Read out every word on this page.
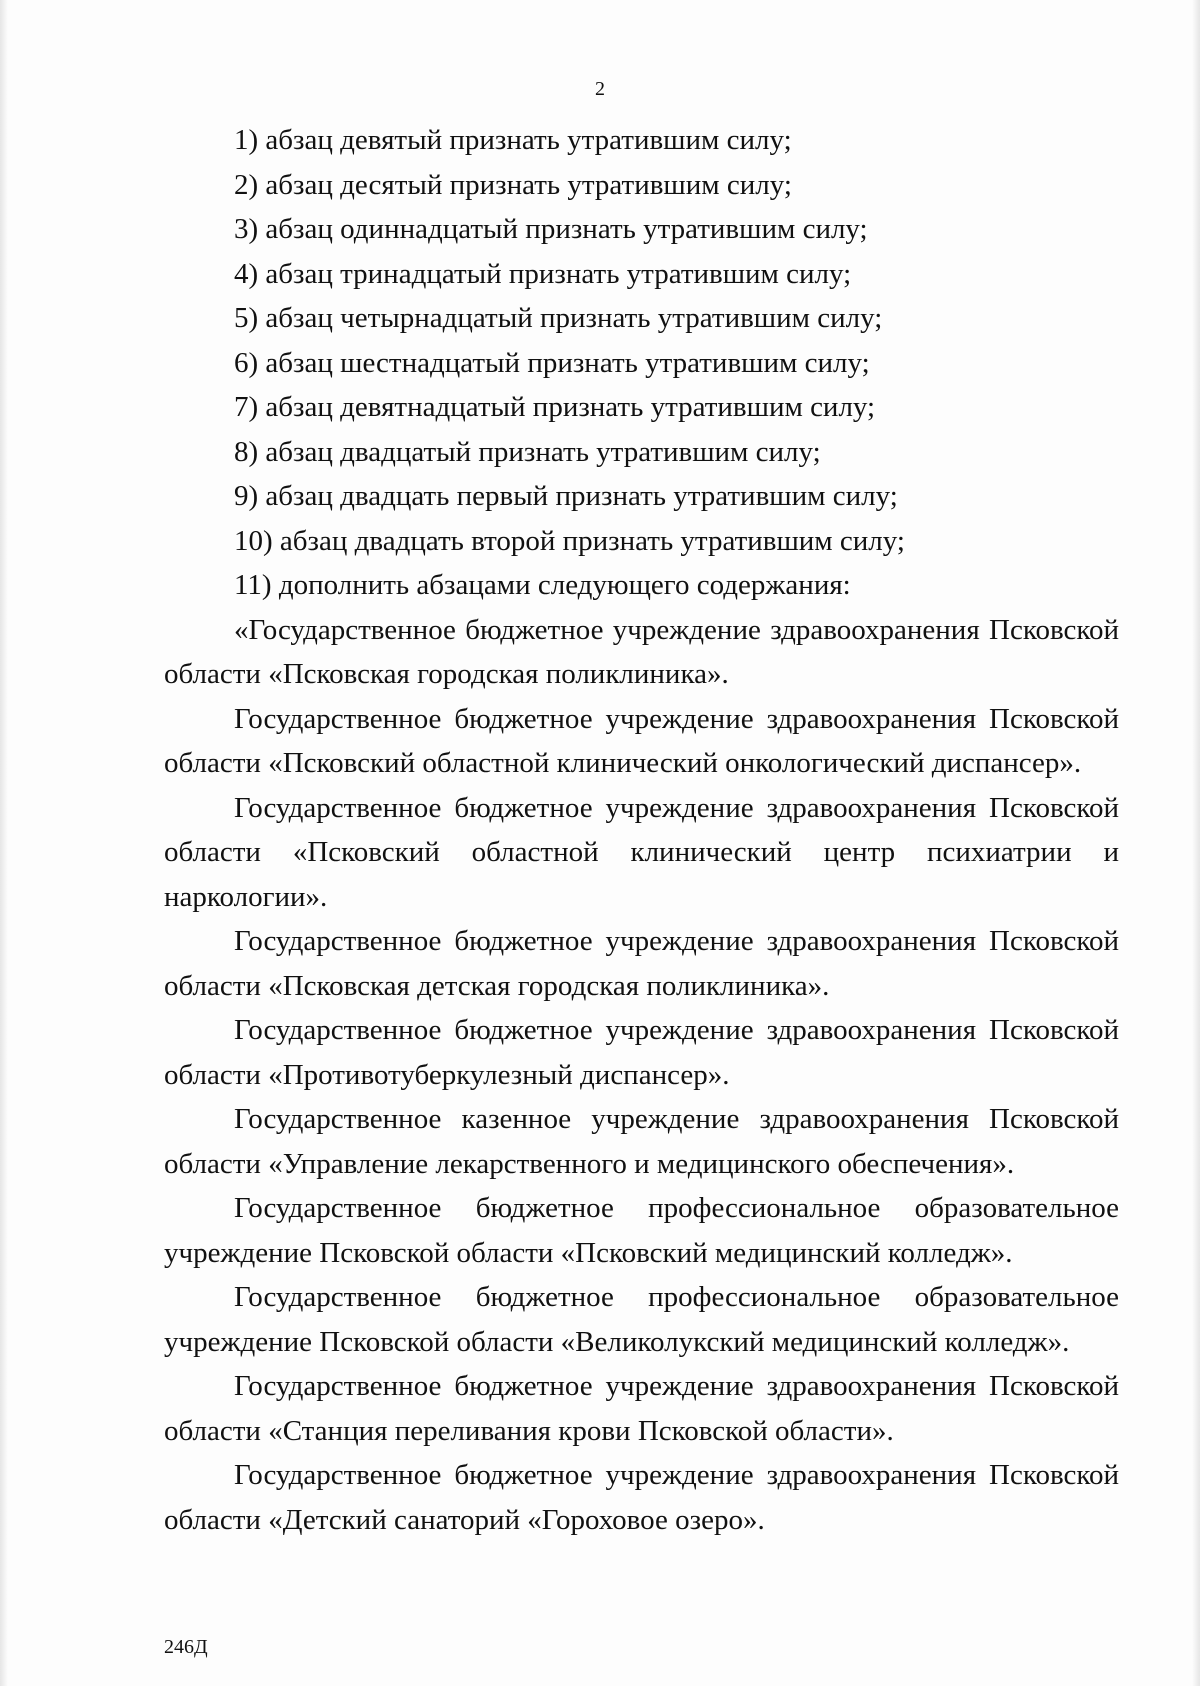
2

1) абзац девятый признать утратившим силу;

2) абзац десятый признать утратившим силу;

3) абзац одиннадцатый признать утратившим силу;

4) абзац тринадцатый признать утратившим силу;

5) абзац четырнадцатый признать утратившим силу;

6) абзац шестнадцатый признать утратившим силу;

7) абзац девятнадцатый признать утратившим силу;

8) абзац двадцатый признать утратившим силу;

9) абзац двадцать первый признать утратившим силу;

10) абзац двадцать второй признать утратившим силу;

11) дополнить абзацами следующего содержания:

«Государственное бюджетное учреждение здравоохранения Псковской области «Псковская городская поликлиника».

Государственное бюджетное учреждение здравоохранения Псковской области «Псковский областной клинический онкологический диспансер».

Государственное бюджетное учреждение здравоохранения Псковской области «Псковский областной клинический центр психиатрии и наркологии».

Государственное бюджетное учреждение здравоохранения Псковской области «Псковская детская городская поликлиника».

Государственное бюджетное учреждение здравоохранения Псковской области «Противотуберкулезный диспансер».

Государственное казенное учреждение здравоохранения Псковской области «Управление лекарственного и медицинского обеспечения».

Государственное бюджетное профессиональное образовательное учреждение Псковской области «Псковский медицинский колледж».

Государственное бюджетное профессиональное образовательное учреждение Псковской области «Великолукский медицинский колледж».

Государственное бюджетное учреждение здравоохранения Псковской области «Станция переливания крови Псковской области».

Государственное бюджетное учреждение здравоохранения Псковской области «Детский санаторий «Гороховое озеро».

246Д
